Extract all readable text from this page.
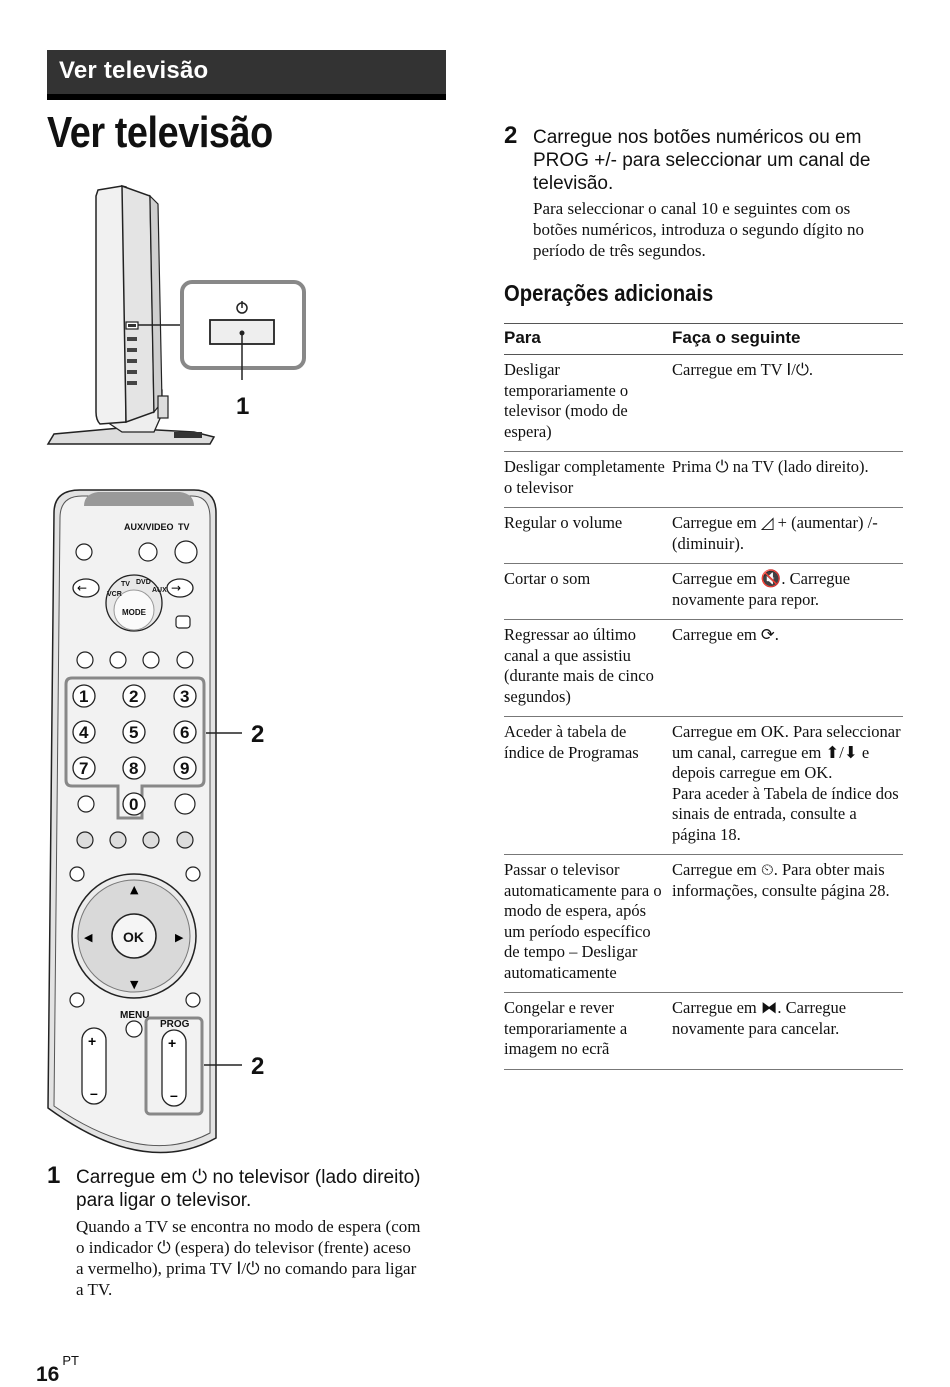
Ver televisão
Ver televisão
1
AUX/VIDEO TV
←	→
MODE
TV DVD
AUX
VCR
1 2 3
4 5 6
7 8 9
0
OK
▲
▼
◀	▶
MENU
+
–
PROG
+
–
2
2
1 Carregue em ⏻ no televisor (lado direito)
para ligar o televisor.
Quando a TV se encontra no modo de espera (com
o indicador ⏻ (espera) do televisor (frente) aceso
a vermelho), prima TV Ⅰ/⏻ no comando para ligar
a TV.
2 Carregue nos botões numéricos ou em
PROG +/- para seleccionar um canal de
televisão.
Para seleccionar o canal 10 e seguintes com os
botões numéricos, introduza o segundo dígito no
período de três segundos.
Operações adicionais
Para	Faça o seguinte
Desligar temporariamente o televisor (modo de espera)	Carregue em TV Ⅰ/⏻.
Desligar completamente o televisor	Prima ⏻ na TV (lado direito).
Regular o volume	Carregue em ◿ + (aumentar) /- (diminuir).
Cortar o som	Carregue em 🔇. Carregue novamente para repor.
Regressar ao último canal a que assistiu (durante mais de cinco segundos)	Carregue em ⟳.
Aceder à tabela de índice de Programas	Carregue em OK. Para seleccionar um canal, carregue em ⬆/⬇ e depois carregue em OK.
Para aceder à Tabela de índice dos sinais de entrada, consulte a página 18.
Passar o televisor automaticamente para o modo de espera, após um período específico de tempo – Desligar automaticamente	Carregue em ⏲. Para obter mais informações, consulte página 28.
Congelar e rever temporariamente a imagem no ecrã	Carregue em ⧓. Carregue novamente para cancelar.
$16^{PT}$
